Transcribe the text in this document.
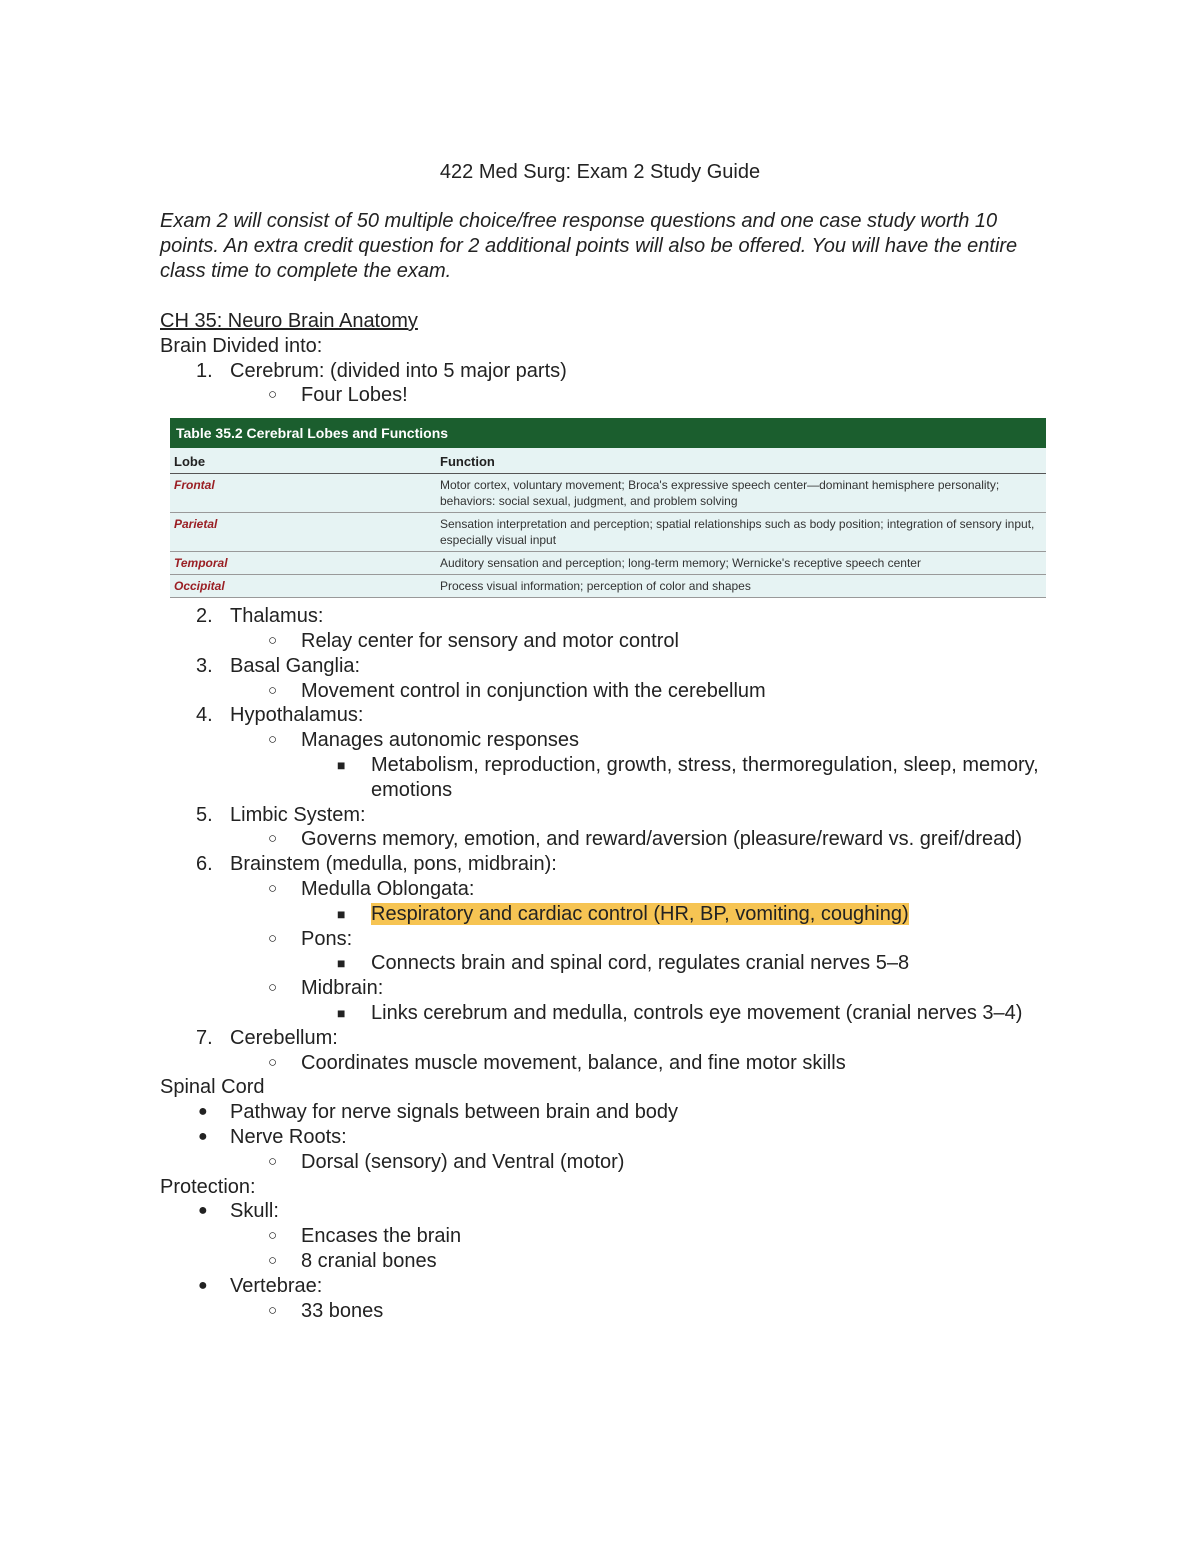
422 Med Surg: Exam 2 Study Guide
Exam 2 will consist of 50 multiple choice/free response questions and one case study worth 10 points. An extra credit question for 2 additional points will also be offered. You will have the entire class time to complete the exam.
CH 35: Neuro Brain Anatomy
Brain Divided into:
1. Cerebrum: (divided into 5 major parts)
○ Four Lobes!
Table 35.2 Cerebral Lobes and Functions
Lobe	Function
Frontal	Motor cortex, voluntary movement; Broca's expressive speech center—dominant hemisphere personality; behaviors: social sexual, judgment, and problem solving
Parietal	Sensation interpretation and perception; spatial relationships such as body position; integration of sensory input, especially visual input
Temporal	Auditory sensation and perception; long-term memory; Wernicke's receptive speech center
Occipital	Process visual information; perception of color and shapes
2. Thalamus:
○ Relay center for sensory and motor control
3. Basal Ganglia:
○ Movement control in conjunction with the cerebellum
4. Hypothalamus:
○ Manages autonomic responses
■ Metabolism, reproduction, growth, stress, thermoregulation, sleep, memory, emotions
5. Limbic System:
○ Governs memory, emotion, and reward/aversion (pleasure/reward vs. greif/dread)
6. Brainstem (medulla, pons, midbrain):
○ Medulla Oblongata:
■ Respiratory and cardiac control (HR, BP, vomiting, coughing)
○ Pons:
■ Connects brain and spinal cord, regulates cranial nerves 5–8
○ Midbrain:
■ Links cerebrum and medulla, controls eye movement (cranial nerves 3–4)
7. Cerebellum:
○ Coordinates muscle movement, balance, and fine motor skills
Spinal Cord
● Pathway for nerve signals between brain and body
● Nerve Roots:
○ Dorsal (sensory) and Ventral (motor)
Protection:
● Skull:
○ Encases the brain
○ 8 cranial bones
● Vertebrae:
○ 33 bones
